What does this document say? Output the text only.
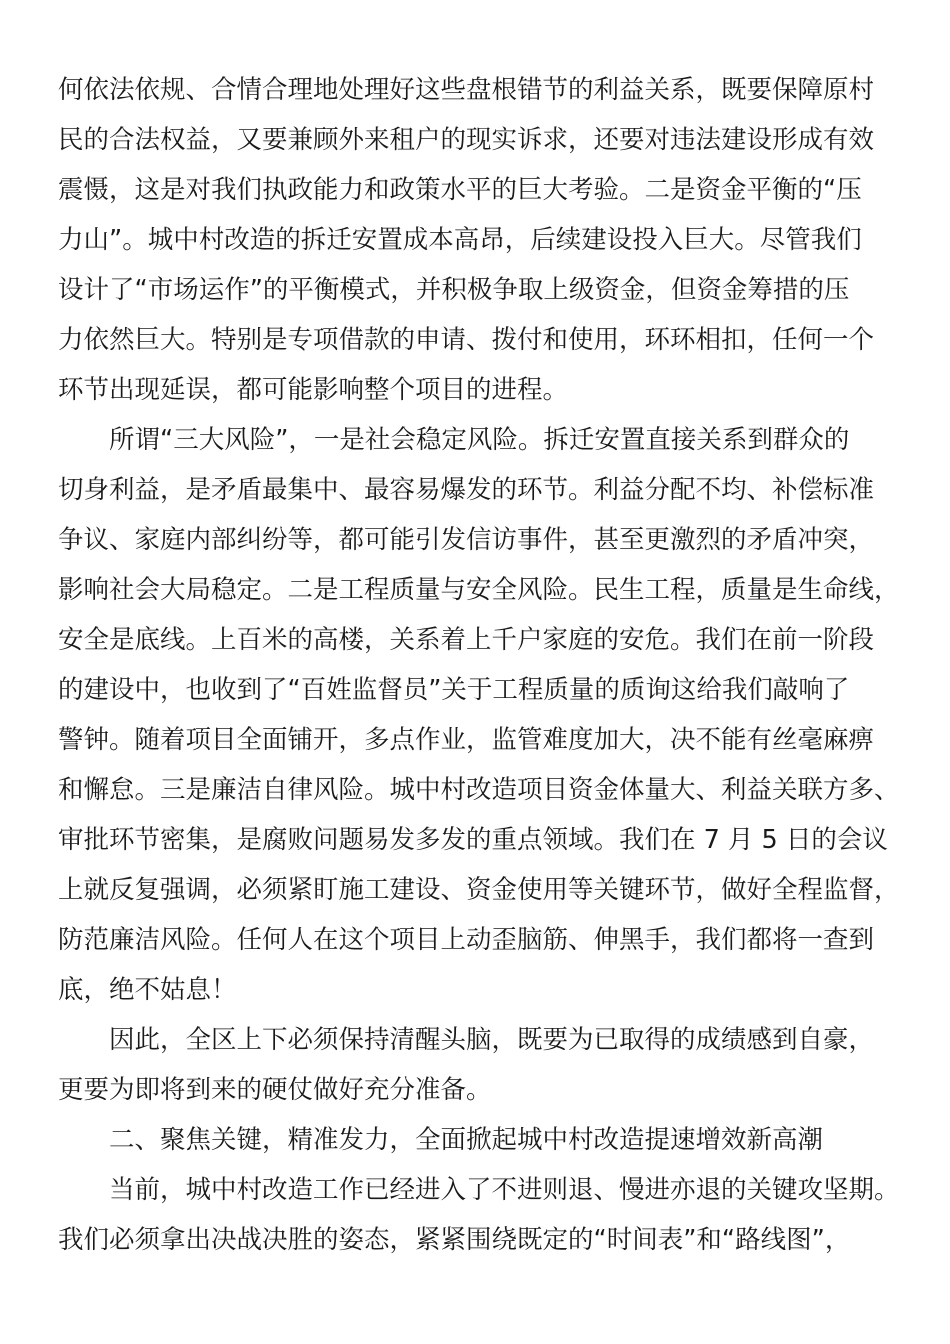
何依法依规、合情合理地处理好这些盘根错节的利益关系，既要保障原村
民的合法权益，又要兼顾外来租户的现实诉求，还要对违法建设形成有效
震慑，这是对我们执政能力和政策水平的巨大考验。二是资金平衡的“压
力山”。城中村改造的拆迁安置成本高昂，后续建设投入巨大。尽管我们
设计了“市场运作”的平衡模式，并积极争取上级资金，但资金筹措的压
力依然巨大。特别是专项借款的申请、拨付和使用，环环相扣，任何一个
环节出现延误，都可能影响整个项目的进程。
所谓“三大风险”，一是社会稳定风险。拆迁安置直接关系到群众的
切身利益，是矛盾最集中、最容易爆发的环节。利益分配不均、补偿标准
争议、家庭内部纠纷等，都可能引发信访事件，甚至更激烈的矛盾冲突，
影响社会大局稳定。二是工程质量与安全风险。民生工程，质量是生命线，
安全是底线。上百米的高楼，关系着上千户家庭的安危。我们在前一阶段
的建设中，也收到了“百姓监督员”关于工程质量的质询这给我们敲响了
警钟。随着项目全面铺开，多点作业，监管难度加大，决不能有丝毫麻痹
和懈怠。三是廉洁自律风险。城中村改造项目资金体量大、利益关联方多、
审批环节密集，是腐败问题易发多发的重点领域。我们在 7 月 5 日的会议
上就反复强调，必须紧盯施工建设、资金使用等关键环节，做好全程监督，
防范廉洁风险。任何人在这个项目上动歪脑筋、伸黑手，我们都将一查到
底，绝不姑息！
因此，全区上下必须保持清醒头脑，既要为已取得的成绩感到自豪，
更要为即将到来的硬仗做好充分准备。
二、聚焦关键，精准发力，全面掀起城中村改造提速增效新高潮
当前，城中村改造工作已经进入了不进则退、慢进亦退的关键攻坚期。
我们必须拿出决战决胜的姿态，紧紧围绕既定的“时间表”和“路线图”，
